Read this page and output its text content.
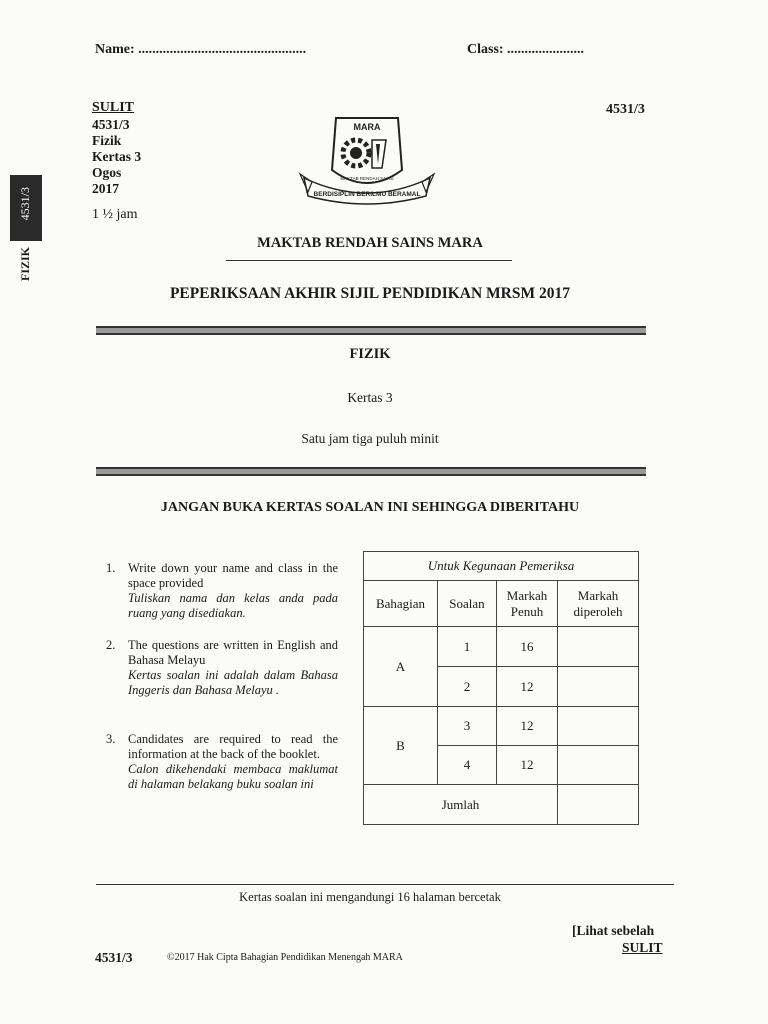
4531/3
FIZIK
Name: ................................................	Class: ......................
SULIT	4531/3
4531/3
Fizik
Kertas 3
Ogos
2017
1 ½ jam
MARA
MAKTAB RENDAH SAINS
BERDISIPLIN BERILMU BERAMAL
MAKTAB RENDAH SAINS MARA
PEPERIKSAAN AKHIR SIJIL PENDIDIKAN MRSM 2017
FIZIK
Kertas 3
Satu jam tiga puluh minit
JANGAN BUKA KERTAS SOALAN INI SEHINGGA DIBERITAHU
1. Write down your name and class in the space provided
Tuliskan nama dan kelas anda pada ruang yang disediakan.
2. The questions are written in English and Bahasa Melayu
Kertas soalan ini adalah dalam Bahasa Inggeris dan Bahasa Melayu .
3. Candidates are required to read the information at the back of the booklet.
Calon dikehendaki membaca maklumat di halaman belakang buku soalan ini
Untuk Kegunaan Pemeriksa			
Bahagian	Soalan	Markah Penuh	Markah diperoleh
A	1	16	
	2	12	
B	3	12	
	4	12	
Jumlah			
Kertas soalan ini mengandungi 16 halaman bercetak
[Lihat sebelah
SULIT
4531/3	©2017 Hak Cipta Bahagian Pendidikan Menengah MARA
